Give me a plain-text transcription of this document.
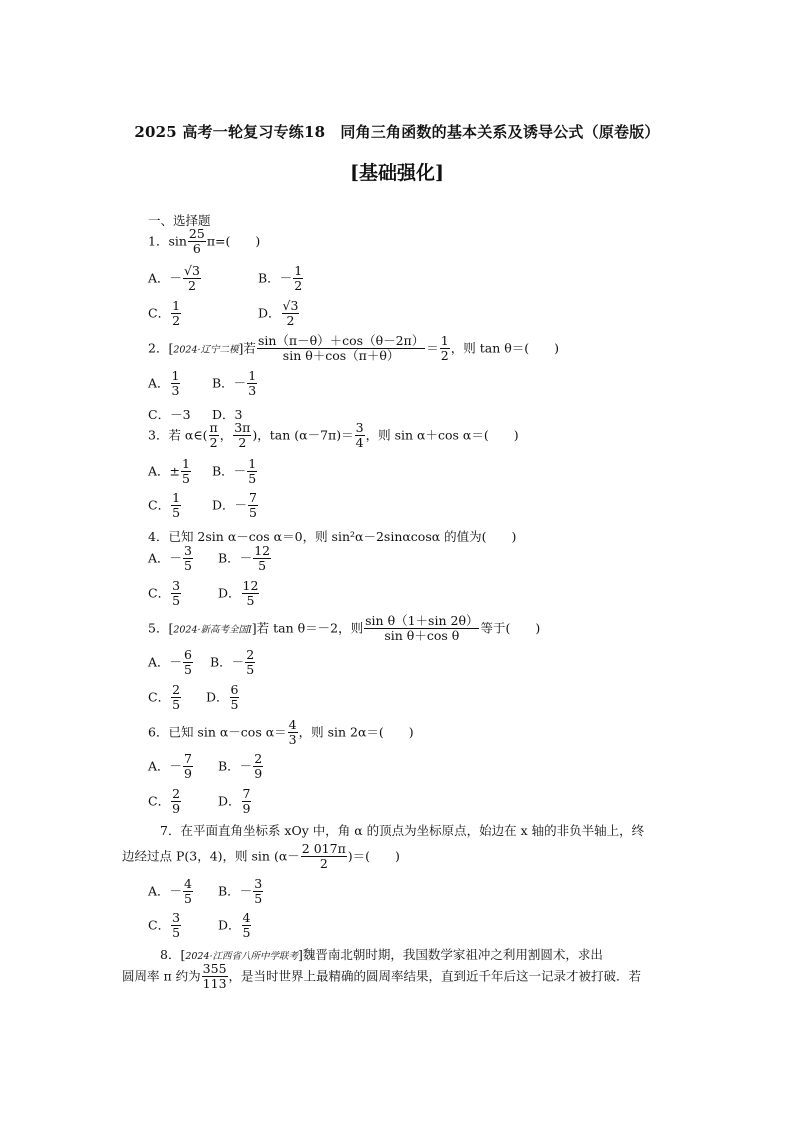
2025 高考一轮复习专练18　同角三角函数的基本关系及诱导公式（原卷版）
[基础强化]
一、选择题
1．$\sin \frac{25}{6} \pi=$(　　)
A．－ $\frac{√3}{2}$	B．－ $\frac{1}{2}$
C． $\frac{1}{2}$	D． $\frac{√3}{2}$
2．[2024·辽宁二模]若 $\frac{\sin(\pi-\theta)+\cos(\theta-2\pi)}{\text{sin θ＋cos（π＋θ）}} = \frac{1}{2}$ ，则 tan θ＝(　　)
A． $\frac{1}{3}$	B．－ $\frac{1}{3}$
C．－3 D．3
3．若 α∈( $\frac{\pi}{2}$ ， $\frac{3\pi}{2}$ )，$\tan (\alpha-7\pi)= \frac{3}{4}$ ，则 sin α＋cos α＝(　　)
A．± $\frac{1}{5}$ B．－ $\frac{1}{5}$
C． $\frac{1}{5}$ D．－ $\frac{7}{5}$
4．已知 2sin α－cos α＝0，则 sin²α－2sinαcosα 的值为(　　)
A．－ $\frac{3}{5}$ B．－ $\frac{12}{5}$
C． $\frac{3}{5}$	D． $\frac{12}{5}$
5．[2024·新高考全国Ⅰ]若 tan θ＝－2，则 $\frac{\text{sin θ（1＋sin 2θ）}}{\text{sin θ＋cos θ}}$ 等于(　　)
A．－ $\frac{6}{5}$ B．－ $\frac{2}{5}$
C． $\frac{2}{5}$ D． $\frac{6}{5}$
6．已知 sin α－cos $\alpha= \frac{4}{3}$ ，则 sin 2α＝(　　)
A．－ $\frac{7}{9}$ B．－ $\frac{2}{9}$
C． $\frac{2}{9}$	D． $\frac{7}{9}$
7．在平面直角坐标系 xOy 中，角 α 的顶点为坐标原点，始边在 x 轴的非负半轴上，终
边经过点 P(3，4)，则 $\sin (\alpha- \frac{2 017\pi}{2}$ )＝(　　)
A．－ $\frac{4}{5}$ B．－ $\frac{3}{5}$
C． $\frac{3}{5}$	D． $\frac{4}{5}$
8．[2024·江西省八所中学联考]魏晋南北朝时期，我国数学家祖冲之利用割圆术，求出
圆周率 π 约为 $\frac{355}{113}$ ，是当时世界上最精确的圆周率结果，直到近千年后这一记录才被打破．若
